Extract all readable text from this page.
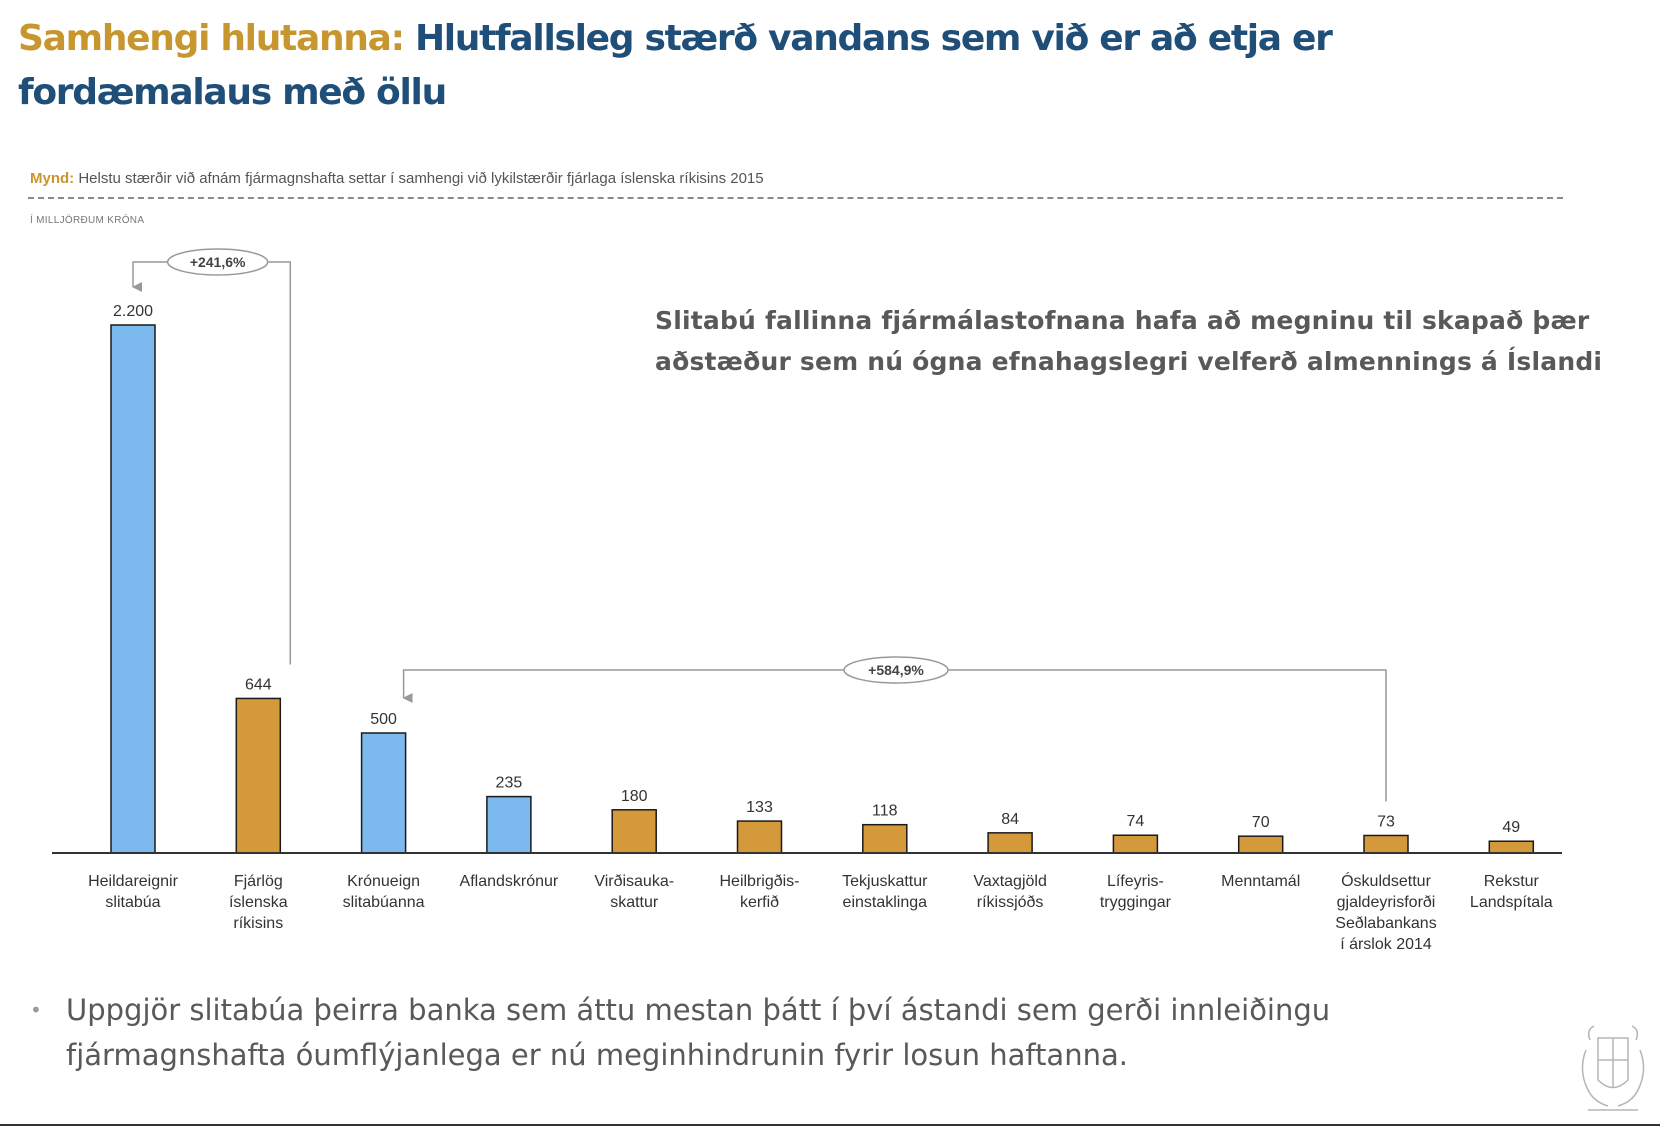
Samhengi hlutanna: Hlutfallsleg stærð vandans sem við er að etja er fordæmalaus með öllu
Mynd: Helstu stærðir við afnám fjármagnshafta settar í samhengi við lykilstærðir fjárlaga íslenska ríkisins 2015
Í MILLJÖRÐUM KRÓNA
2.200
Heildareignir
slitabúa
644
Fjárlög
íslenska
ríkisins
500
Krónueign
slitabúanna
235
Aflandskrónur
180
Virðisauka-
skattur
133
Heilbrigðis-
kerfið
118
Tekjuskattur
einstaklinga
84
Vaxtagjöld
ríkissjóðs
74
Lífeyris-
tryggingar
70
Menntamál
73
Óskuldsettur
gjaldeyrisforði
Seðlabankans
í árslok 2014
49
Rekstur
Landspítala
+241,6%
+584,9%
Slitabú fallinna fjármálastofnana hafa að megninu til skapað þær aðstæður sem nú ógna efnahagslegri velferð almennings á Íslandi
• Uppgjör slitabúa þeirra banka sem áttu mestan þátt í því ástandi sem gerði innleiðingu fjármagnshafta óumflýjanlega er nú meginhindrunin fyrir losun haftanna.
